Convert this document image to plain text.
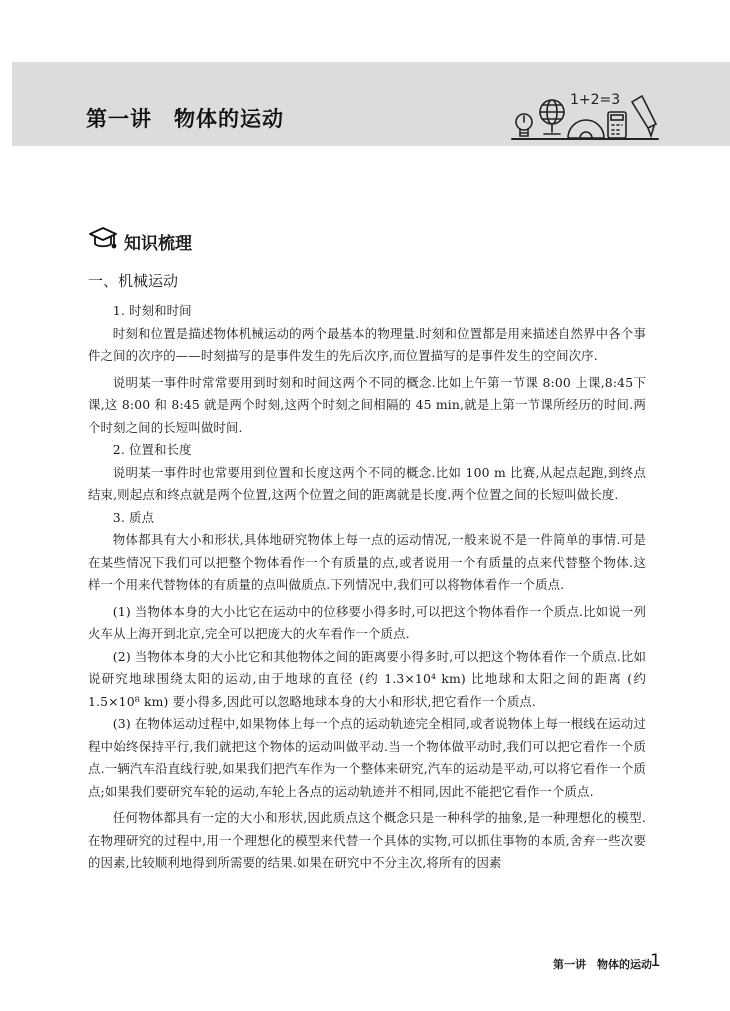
第一讲　物体的运动
1+2=3
知识梳理
一、机械运动

1. 时刻和时间

时刻和位置是描述物体机械运动的两个最基本的物理量.时刻和位置都是用来描述自然界中各个事件之间的次序的——时刻描写的是事件发生的先后次序,而位置描写的是事件发生的空间次序.

说明某一事件时常常要用到时刻和时间这两个不同的概念.比如上午第一节课 8:00 上课,8:45下课,这 8:00 和 8:45 就是两个时刻,这两个时刻之间相隔的 45 min,就是上第一节课所经历的时间.两个时刻之间的长短叫做时间.

2. 位置和长度

说明某一事件时也常要用到位置和长度这两个不同的概念.比如 100 m 比赛,从起点起跑,到终点结束,则起点和终点就是两个位置,这两个位置之间的距离就是长度.两个位置之间的长短叫做长度.

3. 质点

物体都具有大小和形状,具体地研究物体上每一点的运动情况,一般来说不是一件简单的事情.可是在某些情况下我们可以把整个物体看作一个有质量的点,或者说用一个有质量的点来代替整个物体.这样一个用来代替物体的有质量的点叫做质点.下列情况中,我们可以将物体看作一个质点.

(1) 当物体本身的大小比它在运动中的位移要小得多时,可以把这个物体看作一个质点.比如说一列火车从上海开到北京,完全可以把庞大的火车看作一个质点.

(2) 当物体本身的大小比它和其他物体之间的距离要小得多时,可以把这个物体看作一个质点.比如说研究地球围绕太阳的运动,由于地球的直径 (约 1.3×10⁴ km) 比地球和太阳之间的距离 (约 1.5×10⁸ km) 要小得多,因此可以忽略地球本身的大小和形状,把它看作一个质点.

(3) 在物体运动过程中,如果物体上每一个点的运动轨迹完全相同,或者说物体上每一根线在运动过程中始终保持平行,我们就把这个物体的运动叫做平动.当一个物体做平动时,我们可以把它看作一个质点.一辆汽车沿直线行驶,如果我们把汽车作为一个整体来研究,汽车的运动是平动,可以将它看作一个质点;如果我们要研究车轮的运动,车轮上各点的运动轨迹并不相同,因此不能把它看作一个质点.

任何物体都具有一定的大小和形状,因此质点这个概念只是一种科学的抽象,是一种理想化的模型.在物理研究的过程中,用一个理想化的模型来代替一个具体的实物,可以抓住事物的本质,舍弃一些次要的因素,比较顺利地得到所需要的结果.如果在研究中不分主次,将所有的因素

第一讲　物体的运动
1
